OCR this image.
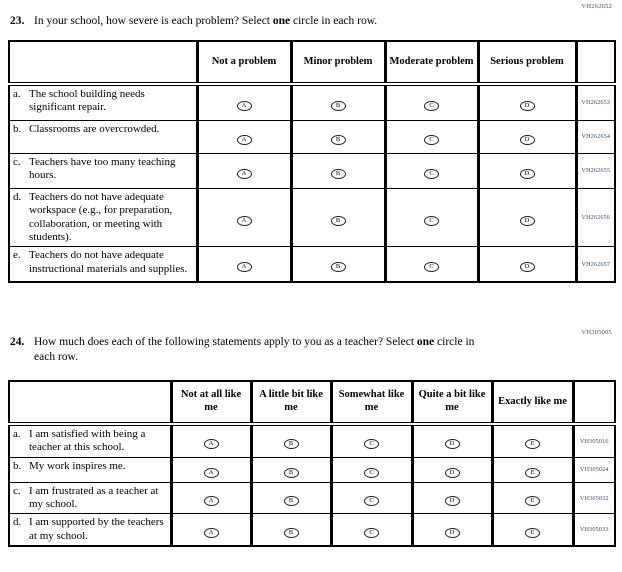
VH262652
23. In your school, how severe is each problem? Select one circle in each row.
	Not a problem	Minor problem	Moderate problem	Serious problem	

a. The school building needs significant repair.	A	B	C	D	VH262653

b. Classrooms are overcrowded.	A	B	C	D	VH262654

c. Teachers have too many teaching hours.	A	B	C	D	VH262655

d. Teachers do not have adequate workspace (e.g., for preparation, collaboration, or meeting with students).	A	B	C	D	VH262656

e. Teachers do not have adequate instructional materials and supplies.	A	B	C	D	VH262657
VH305005
24. How much does each of the following statements apply to you as a teacher? Select one circle in each row.
	Not at all like me	A little bit like me	Somewhat like me	Quite a bit like me	Exactly like me	

a. I am satisfied with being a teacher at this school.	A	B	C	D	E	VH305016

b. My work inspires me.	A	B	C	D	E	VH305024

c. I am frustrated as a teacher at my school.	A	B	C	D	E	VH305032

d. I am supported by the teachers at my school.	A	B	C	D	E	VH305033
